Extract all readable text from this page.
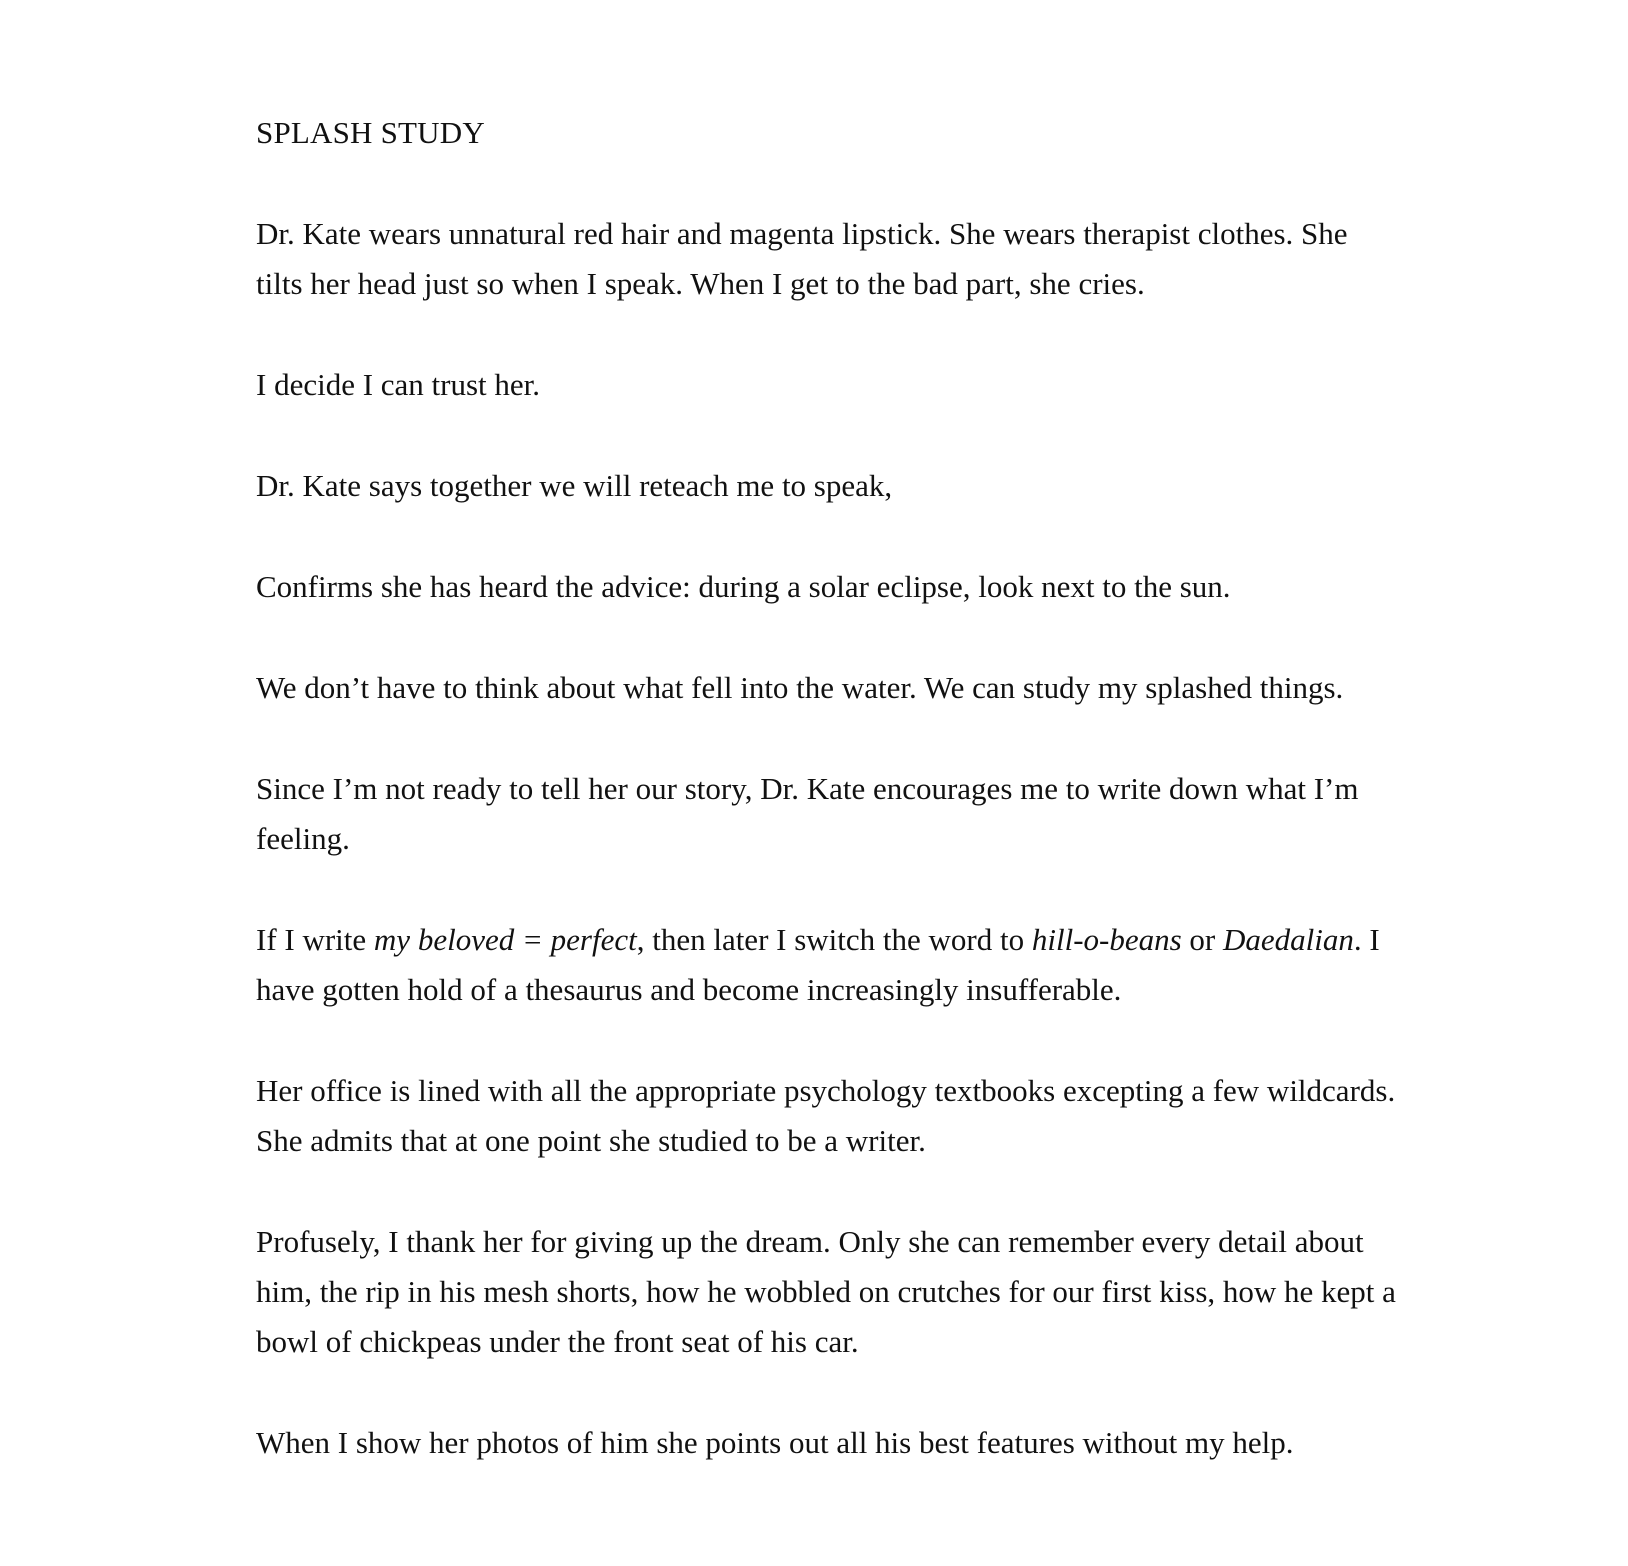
SPLASH STUDY

Dr. Kate wears unnatural red hair and magenta lipstick. She wears therapist clothes. She tilts her head just so when I speak. When I get to the bad part, she cries.

I decide I can trust her.

Dr. Kate says together we will reteach me to speak,

Confirms she has heard the advice: during a solar eclipse, look next to the sun.

We don’t have to think about what fell into the water. We can study my splashed things.

Since I’m not ready to tell her our story, Dr. Kate encourages me to write down what I’m feeling.

If I write my beloved = perfect, then later I switch the word to hill-o-beans or Daedalian. I have gotten hold of a thesaurus and become increasingly insufferable.

Her office is lined with all the appropriate psychology textbooks excepting a few wildcards. She admits that at one point she studied to be a writer.

Profusely, I thank her for giving up the dream. Only she can remember every detail about him, the rip in his mesh shorts, how he wobbled on crutches for our first kiss, how he kept a bowl of chickpeas under the front seat of his car.

When I show her photos of him she points out all his best features without my help.
